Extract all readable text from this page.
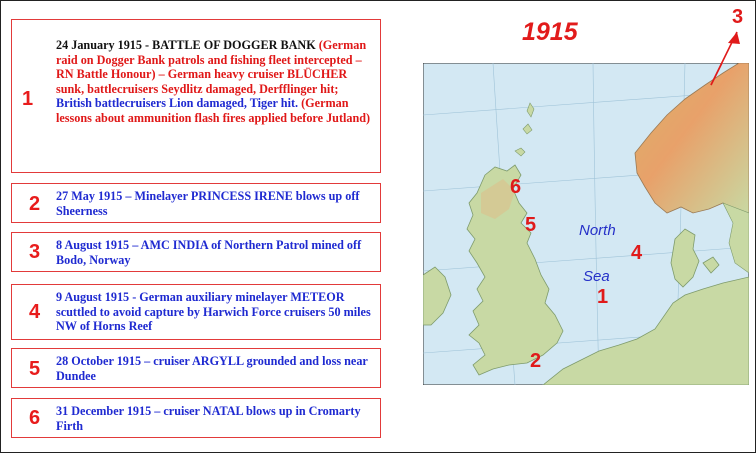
1
24 January 1915 - BATTLE OF DOGGER BANK (German raid on Dogger Bank patrols and fishing fleet intercepted – RN Battle Honour) – German heavy cruiser BLÜCHER sunk, battlecruisers Seydlitz damaged, Derfflinger hit; British battlecruisers Lion damaged, Tiger hit. (German lessons about ammunition flash fires applied before Jutland)
2 27 May 1915 – Minelayer PRINCESS IRENE blows up off Sheerness
3 8 August 1915 – AMC INDIA of Northern Patrol mined off Bodo, Norway
4
9 August 1915 - German auxiliary minelayer METEOR scuttled to avoid capture by Harwich Force cruisers 50 miles NW of Horns Reef
5 28 October 1915 – cruiser ARGYLL grounded and loss near Dundee
6 31 December 1915 – cruiser NATAL blows up in Cromarty Firth
1915
3
6
5
4
1
2
North
Sea
